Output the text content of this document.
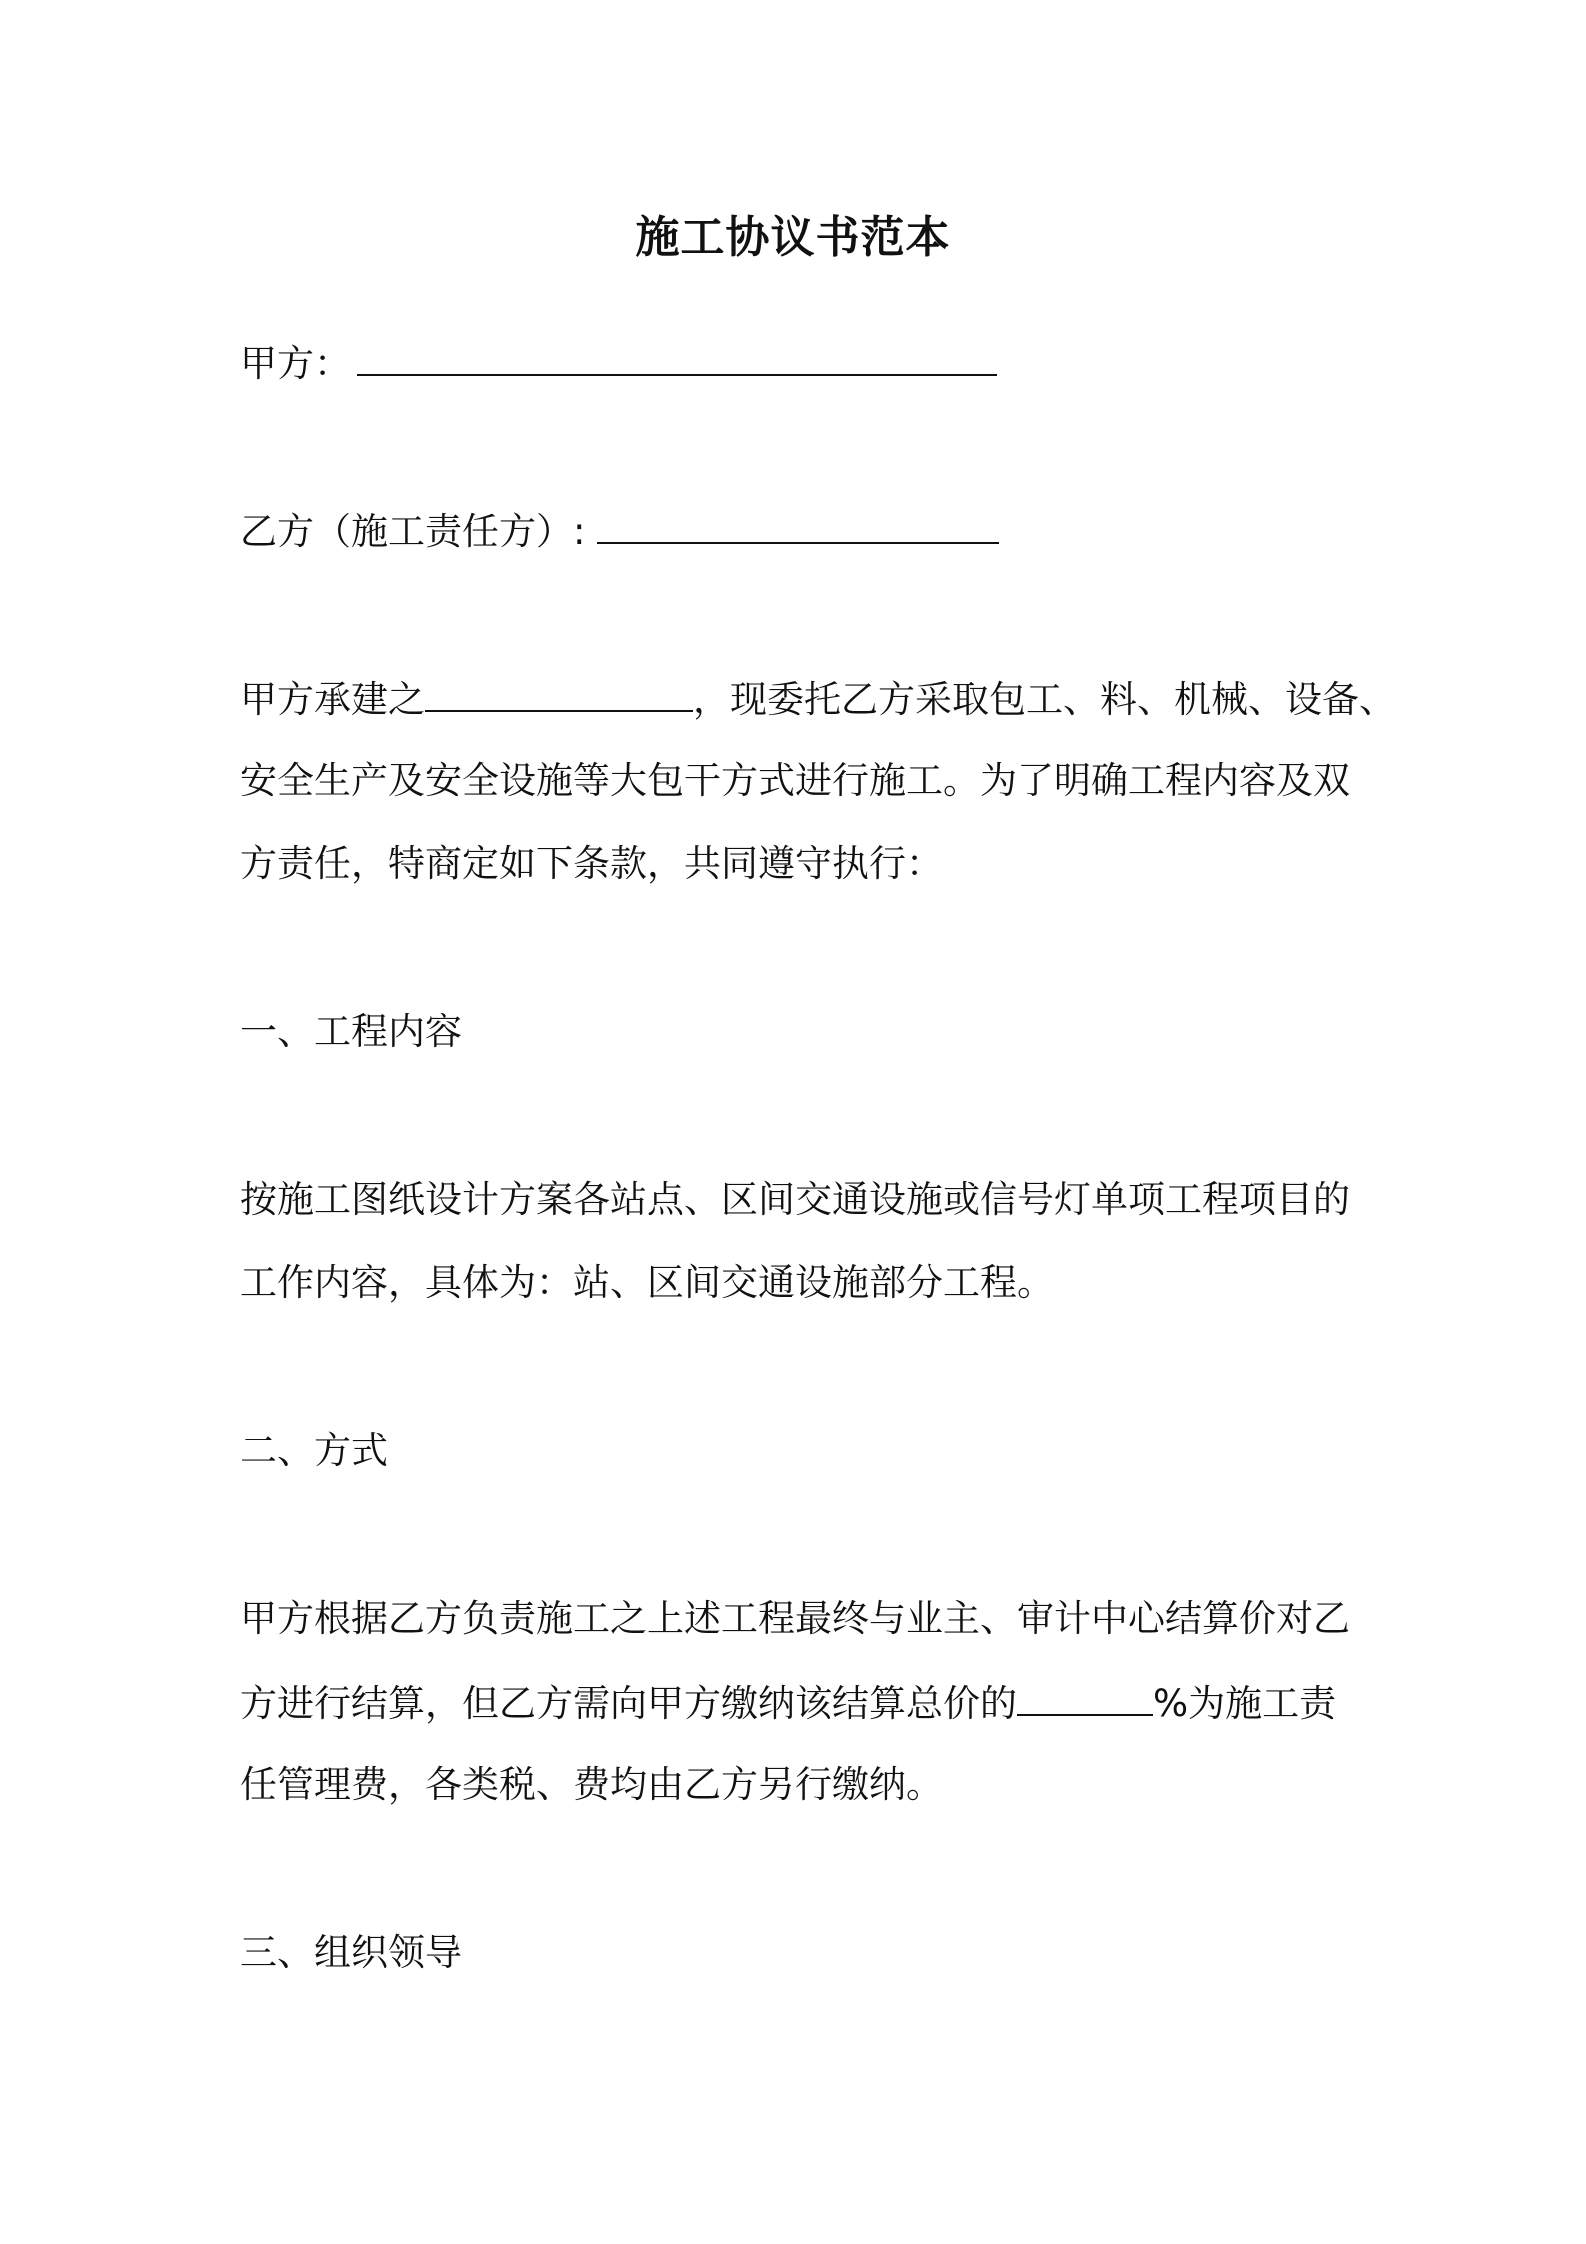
施工协议书范本

甲方：

乙方（施工责任方）:

甲方承建之	，现委托乙方采取包工、料、机械、设备、

安全生产及安全设施等大包干方式进行施工。为了明确工程内容及双

方责任，特商定如下条款，共同遵守执行：

一、工程内容

按施工图纸设计方案各站点、区间交通设施或信号灯单项工程项目的

工作内容，具体为：站、区间交通设施部分工程。

二、方式

甲方根据乙方负责施工之上述工程最终与业主、审计中心结算价对乙

方进行结算，但乙方需向甲方缴纳该结算总价的	%为施工责

任管理费，各类税、费均由乙方另行缴纳。

三、组织领导
